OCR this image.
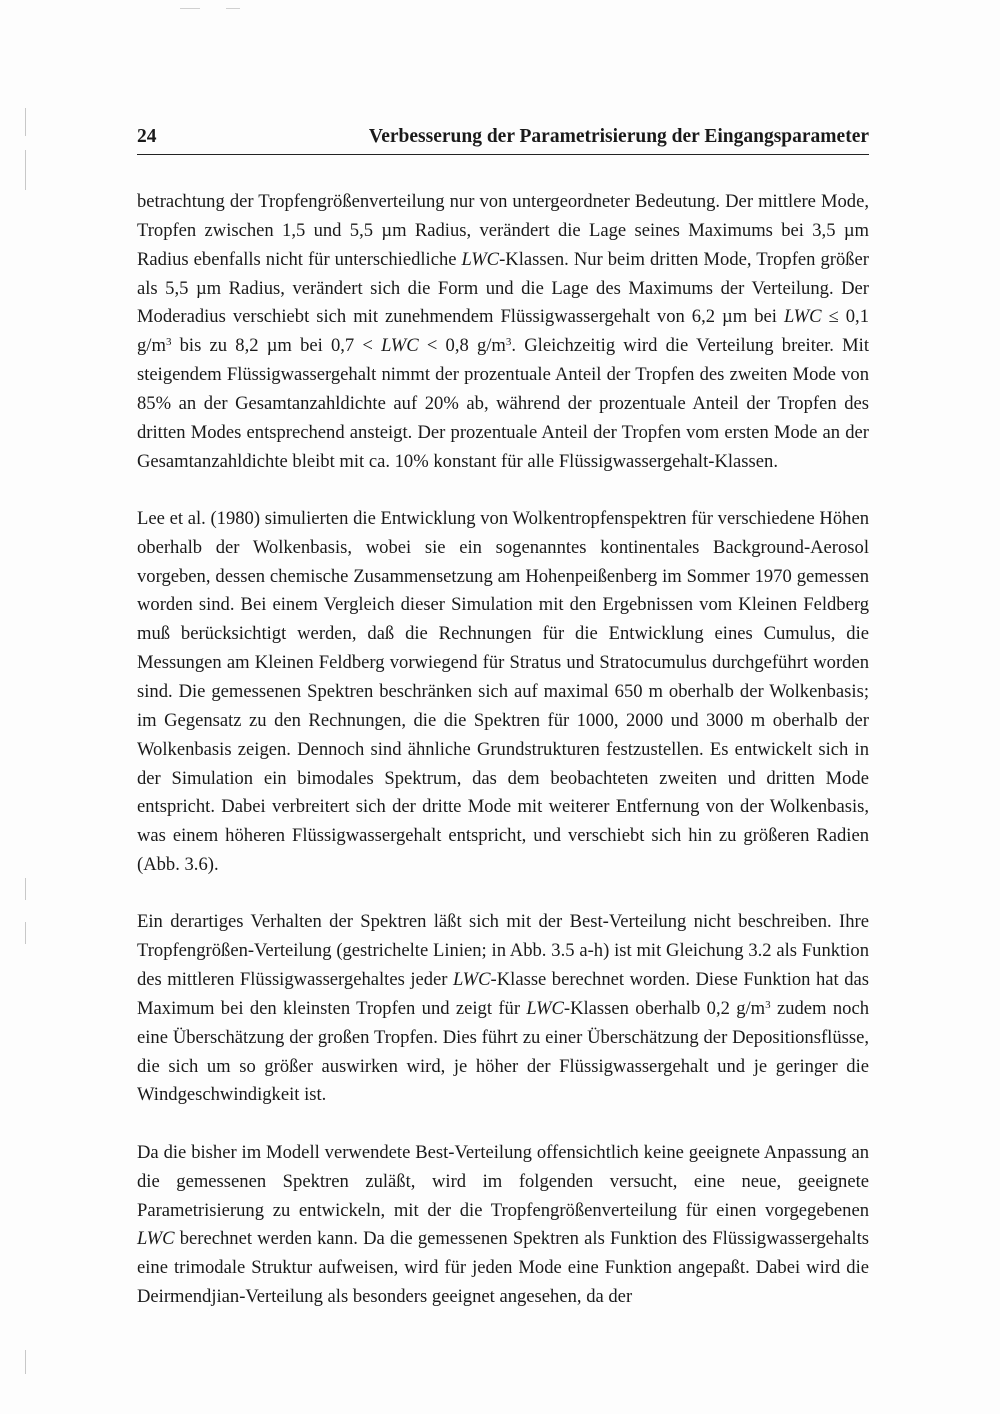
24	Verbesserung der Parametrisierung der Eingangsparameter

betrachtung der Tropfengrößenverteilung nur von untergeordneter Bedeutung. Der mittlere Mode, Tropfen zwischen 1,5 und 5,5 µm Radius, verändert die Lage seines Maximums bei 3,5 µm Radius ebenfalls nicht für unterschiedliche LWC-Klassen. Nur beim dritten Mode, Tropfen größer als 5,5 µm Radius, verändert sich die Form und die Lage des Maximums der Verteilung. Der Moderadius verschiebt sich mit zunehmendem Flüssigwassergehalt von 6,2 µm bei LWC ≤ 0,1 $g/m^3$ bis zu 8,2 µm bei 0,7 < LWC < 0,8 $g/m^3$. Gleichzeitig wird die Verteilung breiter. Mit steigendem Flüssigwassergehalt nimmt der prozentuale Anteil der Tropfen des zweiten Mode von 85% an der Gesamtanzahldichte auf 20% ab, während der prozentuale Anteil der Tropfen des dritten Modes entsprechend ansteigt. Der prozentuale Anteil der Tropfen vom ersten Mode an der Gesamtanzahldichte bleibt mit ca. 10% konstant für alle Flüssigwassergehalt-Klassen.

Lee et al. (1980) simulierten die Entwicklung von Wolkentropfenspektren für verschiedene Höhen oberhalb der Wolkenbasis, wobei sie ein sogenanntes kontinentales Background-Aerosol vorgeben, dessen chemische Zusammensetzung am Hohenpeißenberg im Sommer 1970 gemessen worden sind. Bei einem Vergleich dieser Simulation mit den Ergebnissen vom Kleinen Feldberg muß berücksichtigt werden, daß die Rechnungen für die Entwicklung eines Cumulus, die Messungen am Kleinen Feldberg vorwiegend für Stratus und Stratocumulus durchgeführt worden sind. Die gemessenen Spektren beschränken sich auf maximal 650 m oberhalb der Wolkenbasis; im Gegensatz zu den Rechnungen, die die Spektren für 1000, 2000 und 3000 m oberhalb der Wolkenbasis zeigen. Dennoch sind ähnliche Grundstrukturen festzustellen. Es entwickelt sich in der Simulation ein bimodales Spektrum, das dem beobachteten zweiten und dritten Mode entspricht. Dabei verbreitert sich der dritte Mode mit weiterer Entfernung von der Wolkenbasis, was einem höheren Flüssigwassergehalt entspricht, und verschiebt sich hin zu größeren Radien (Abb. 3.6).

Ein derartiges Verhalten der Spektren läßt sich mit der Best-Verteilung nicht beschreiben. Ihre Tropfengrößen-Verteilung (gestrichelte Linien; in Abb. 3.5 a-h) ist mit Gleichung 3.2 als Funktion des mittleren Flüssigwassergehaltes jeder LWC-Klasse berechnet worden. Diese Funktion hat das Maximum bei den kleinsten Tropfen und zeigt für LWC-Klassen oberhalb 0,2 $g/m^3$ zudem noch eine Überschätzung der großen Tropfen. Dies führt zu einer Überschätzung der Depositionsflüsse, die sich um so größer auswirken wird, je höher der Flüssigwassergehalt und je geringer die Windgeschwindigkeit ist.

Da die bisher im Modell verwendete Best-Verteilung offensichtlich keine geeignete Anpassung an die gemessenen Spektren zuläßt, wird im folgenden versucht, eine neue, geeignete Parametrisierung zu entwickeln, mit der die Tropfengrößenverteilung für einen vorgegebenen LWC berechnet werden kann. Da die gemessenen Spektren als Funktion des Flüssigwassergehalts eine trimodale Struktur aufweisen, wird für jeden Mode eine Funktion angepaßt. Dabei wird die Deirmendjian-Verteilung als besonders geeignet angesehen, da der
